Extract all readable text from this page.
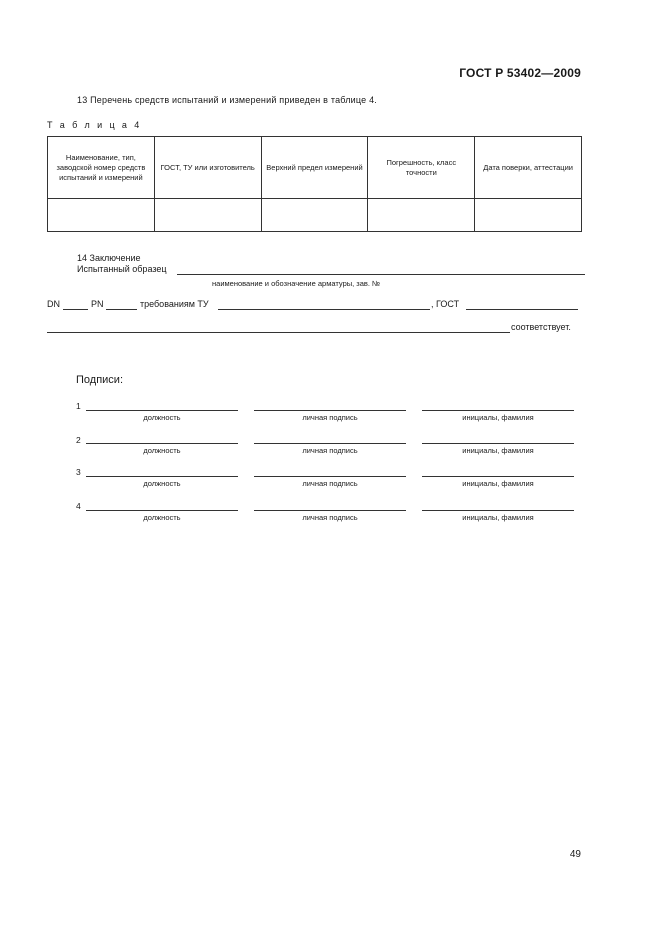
ГОСТ Р 53402—2009
13 Перечень средств испытаний и измерений приведен в таблице 4.
Т а б л и ц а 4
Наименование, тип, заводской номер средств испытаний и измерений	ГОСТ, ТУ или изготовитель	Верхний предел измерений	Погрешность, класс точности	Дата поверки, аттестации

14 Заключение
Испытанный образец
наименование и обозначение арматуры, зав. №
DN	PN	требованиям ТУ	, ГОСТ
соответствует.
Подписи:
1
должность	личная подпись	инициалы, фамилия
2
должность	личная подпись	инициалы, фамилия
3
должность	личная подпись	инициалы, фамилия
4
должность	личная подпись	инициалы, фамилия
49
